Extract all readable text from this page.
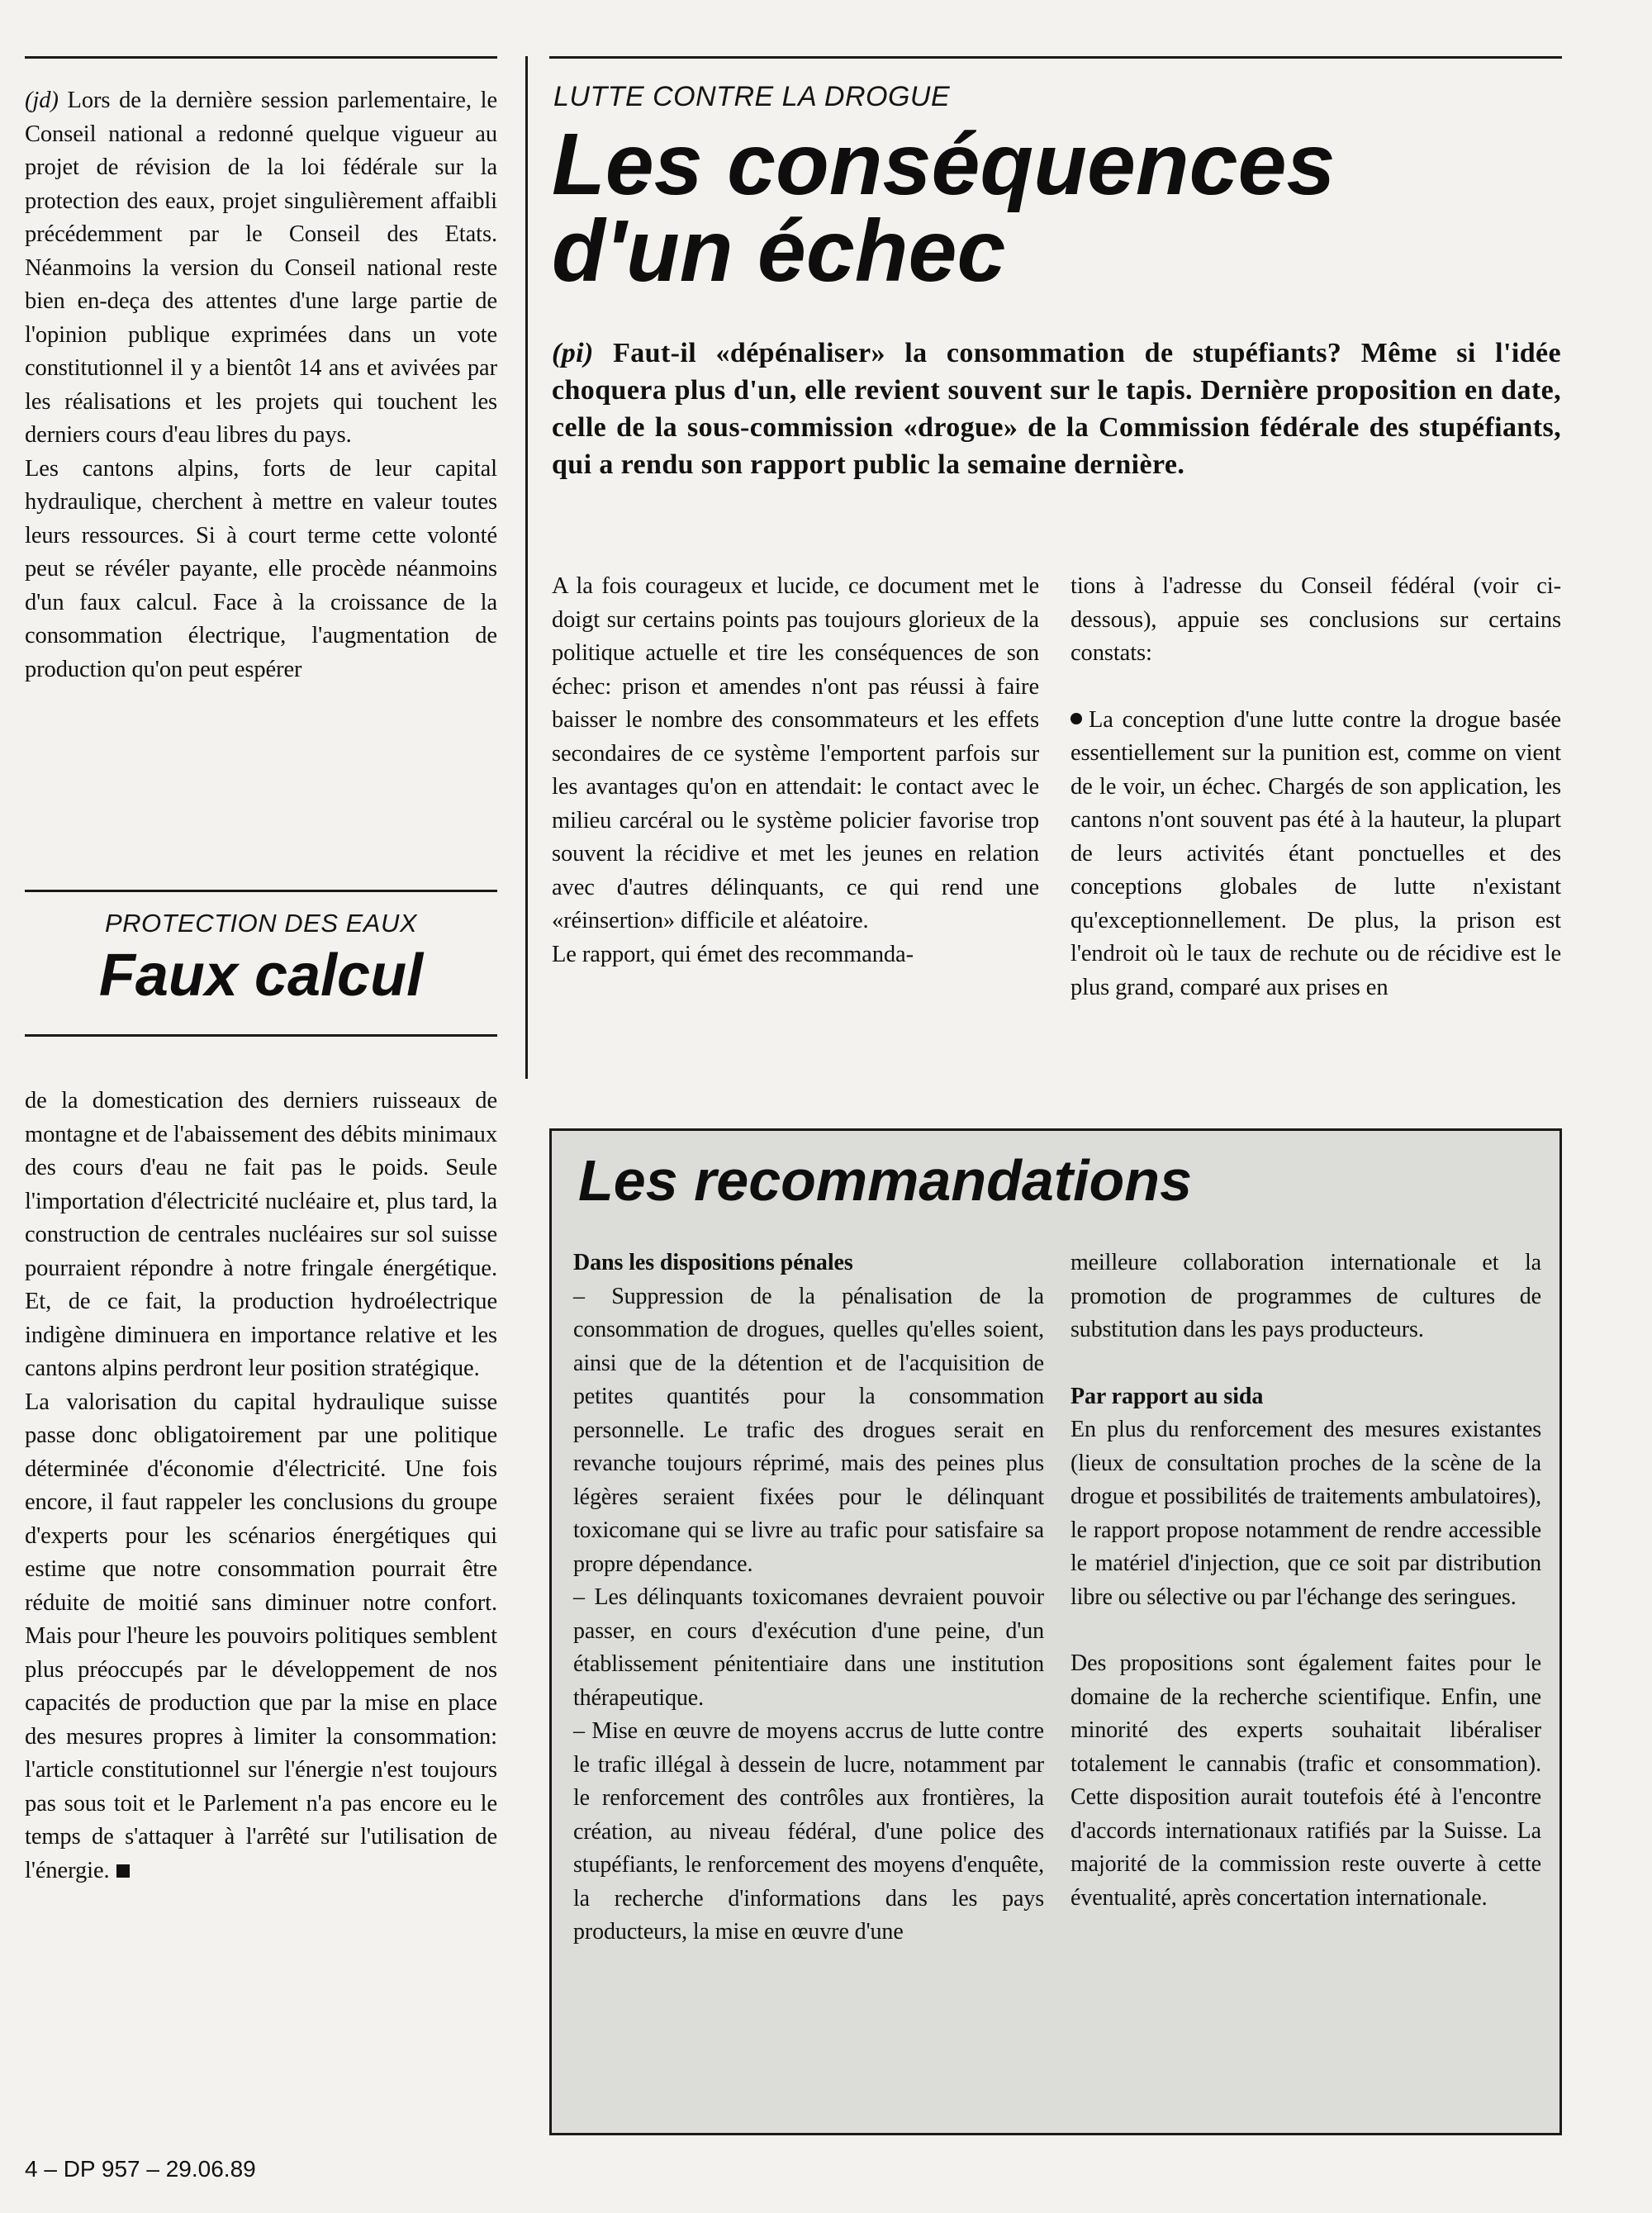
(jd) Lors de la dernière session parlementaire, le Conseil national a redonné quelque vigueur au projet de révision de la loi fédérale sur la protection des eaux, projet singulièrement affaibli précédemment par le Conseil des Etats. Néanmoins la version du Conseil national reste bien en-deça des attentes d'une large partie de l'opinion publique exprimées dans un vote constitutionnel il y a bientôt 14 ans et avivées par les réalisations et les projets qui touchent les derniers cours d'eau libres du pays.

Les cantons alpins, forts de leur capital hydraulique, cherchent à mettre en valeur toutes leurs ressources. Si à court terme cette volonté peut se révéler payante, elle procède néanmoins d'un faux calcul. Face à la croissance de la consommation électrique, l'augmentation de production qu'on peut espérer

PROTECTION DES EAUX
Faux calcul

de la domestication des derniers ruisseaux de montagne et de l'abaissement des débits minimaux des cours d'eau ne fait pas le poids. Seule l'importation d'électricité nucléaire et, plus tard, la construction de centrales nucléaires sur sol suisse pourraient répondre à notre fringale énergétique. Et, de ce fait, la production hydroélectrique indigène diminuera en importance relative et les cantons alpins perdront leur position stratégique.

La valorisation du capital hydraulique suisse passe donc obligatoirement par une politique déterminée d'économie d'électricité. Une fois encore, il faut rappeler les conclusions du groupe d'experts pour les scénarios énergétiques qui estime que notre consommation pourrait être réduite de moitié sans diminuer notre confort. Mais pour l'heure les pouvoirs politiques semblent plus préoccupés par le développement de nos capacités de production que par la mise en place des mesures propres à limiter la consommation: l'article constitutionnel sur l'énergie n'est toujours pas sous toit et le Parlement n'a pas encore eu le temps de s'attaquer à l'arrêté sur l'utilisation de l'énergie.

LUTTE CONTRE LA DROGUE
Les conséquences
d'un échec

(pi) Faut-il «dépénaliser» la consommation de stupéfiants? Même si l'idée choquera plus d'un, elle revient souvent sur le tapis. Dernière proposition en date, celle de la sous-commission «drogue» de la Commission fédérale des stupéfiants, qui a rendu son rapport public la semaine dernière.

A la fois courageux et lucide, ce document met le doigt sur certains points pas toujours glorieux de la politique actuelle et tire les conséquences de son échec: prison et amendes n'ont pas réussi à faire baisser le nombre des consommateurs et les effets secondaires de ce système l'emportent parfois sur les avantages qu'on en attendait: le contact avec le milieu carcéral ou le système policier favorise trop souvent la récidive et met les jeunes en relation avec d'autres délinquants, ce qui rend une «réinsertion» difficile et aléatoire.

Le rapport, qui émet des recommanda-

tions à l'adresse du Conseil fédéral (voir ci-dessous), appuie ses conclusions sur certains constats:

La conception d'une lutte contre la drogue basée essentiellement sur la punition est, comme on vient de le voir, un échec. Chargés de son application, les cantons n'ont souvent pas été à la hauteur, la plupart de leurs activités étant ponctuelles et des conceptions globales de lutte n'existant qu'exceptionnellement. De plus, la prison est l'endroit où le taux de rechute ou de récidive est le plus grand, comparé aux prises en

Les recommandations

Dans les dispositions pénales

– Suppression de la pénalisation de la consommation de drogues, quelles qu'elles soient, ainsi que de la détention et de l'acquisition de petites quantités pour la consommation personnelle. Le trafic des drogues serait en revanche toujours réprimé, mais des peines plus légères seraient fixées pour le délinquant toxicomane qui se livre au trafic pour satisfaire sa propre dépendance.

– Les délinquants toxicomanes devraient pouvoir passer, en cours d'exécution d'une peine, d'un établissement pénitentiaire dans une institution thérapeutique.

– Mise en œuvre de moyens accrus de lutte contre le trafic illégal à dessein de lucre, notamment par le renforcement des contrôles aux frontières, la création, au niveau fédéral, d'une police des stupéfiants, le renforcement des moyens d'enquête, la recherche d'informations dans les pays producteurs, la mise en œuvre d'une

meilleure collaboration internationale et la promotion de programmes de cultures de substitution dans les pays producteurs.

Par rapport au sida

En plus du renforcement des mesures existantes (lieux de consultation proches de la scène de la drogue et possibilités de traitements ambulatoires), le rapport propose notamment de rendre accessible le matériel d'injection, que ce soit par distribution libre ou sélective ou par l'échange des seringues.

Des propositions sont également faites pour le domaine de la recherche scientifique. Enfin, une minorité des experts souhaitait libéraliser totalement le cannabis (trafic et consommation). Cette disposition aurait toutefois été à l'encontre d'accords internationaux ratifiés par la Suisse. La majorité de la commission reste ouverte à cette éventualité, après concertation internationale.

4 – DP 957 – 29.06.89
